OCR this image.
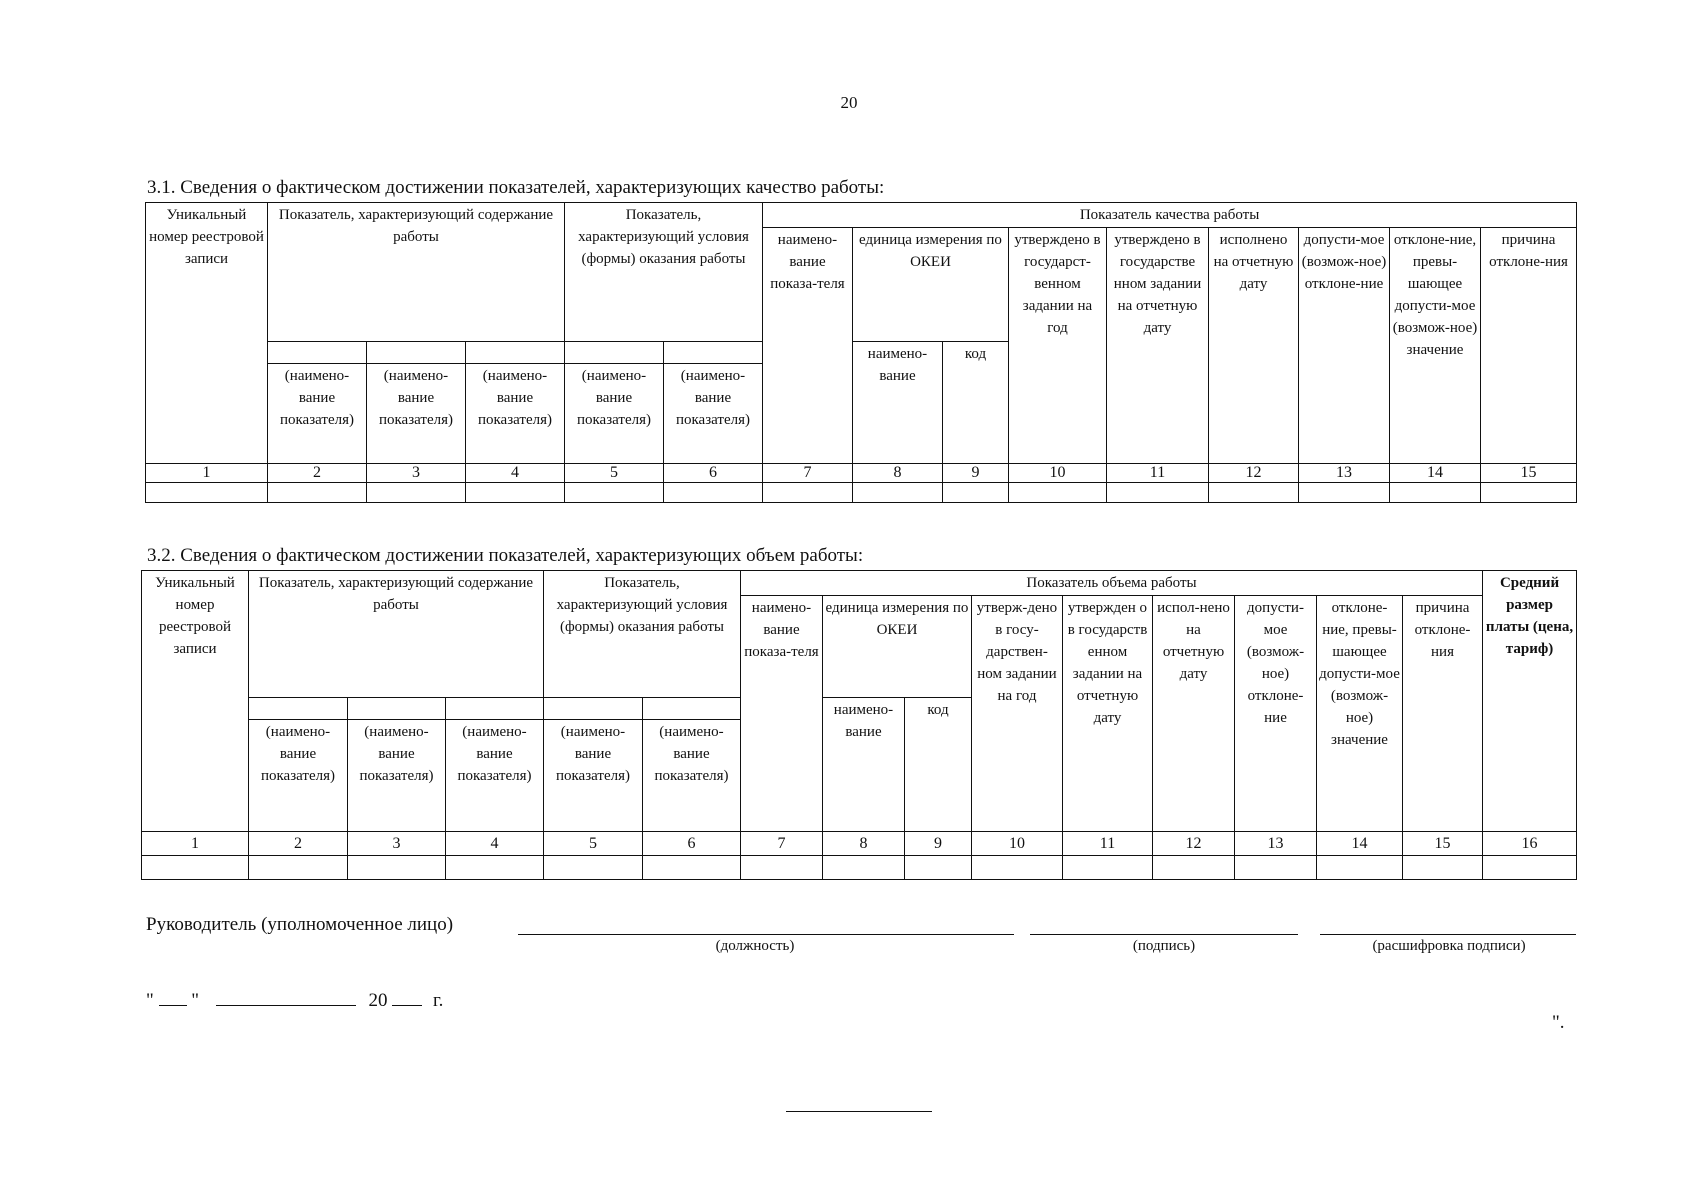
20
3.1. Сведения о фактическом достижении показателей, характеризующих качество работы:
Уникальный номер реестровой записи	Показатель, характеризующий содержание работы			Показатель, характеризующий условия (формы) оказания работы		Показатель качества работы								
						наимено-вание показа-теля	единица измерения по ОКЕИ		утверждено в государст-венном задании на год	утверждено в государстве нном задании на отчетную дату	исполнено на отчетную дату	допусти-мое (возмож-ное) отклоне-ние	отклоне-ние, превы-шающее допусти-мое (возмож-ное) значение	причина отклоне-ния
							наимено-вание	код						
	(наимено-вание показателя)	(наимено-вание показателя)	(наимено-вание показателя)	(наимено-вание показателя)	(наимено-вание показателя)									
1	2	3	4	5	6	7	8	9	10	11	12	13	14	15

3.2. Сведения о фактическом достижении показателей, характеризующих объем работы:
Уникальный номер реестровой записи	Показатель, характеризующий содержание работы			Показатель, характеризующий условия (формы) оказания работы		Показатель объема работы									Средний размер платы (цена, тариф)
						наимено-вание показа-теля	единица измерения по ОКЕИ		утверж-дено в госу-дарствен-ном задании на год	утвержден о в государств енном задании на отчетную дату	испол-нено на отчетную дату	допусти-мое (возмож-ное) отклоне-ние	отклоне-ние, превы-шающее допусти-мое (возмож-ное) значение	причина отклоне-ния	
							наимено-вание	код							
	(наимено-вание показателя)	(наимено-вание показателя)	(наимено-вание показателя)	(наимено-вание показателя)	(наимено-вание показателя)										
1	2	3	4	5	6	7	8	9	10	11	12	13	14	15	16

Руководитель (уполномоченное лицо)
(должность)	(подпись)	(расшифровка подписи)
" "	20 г.
".
